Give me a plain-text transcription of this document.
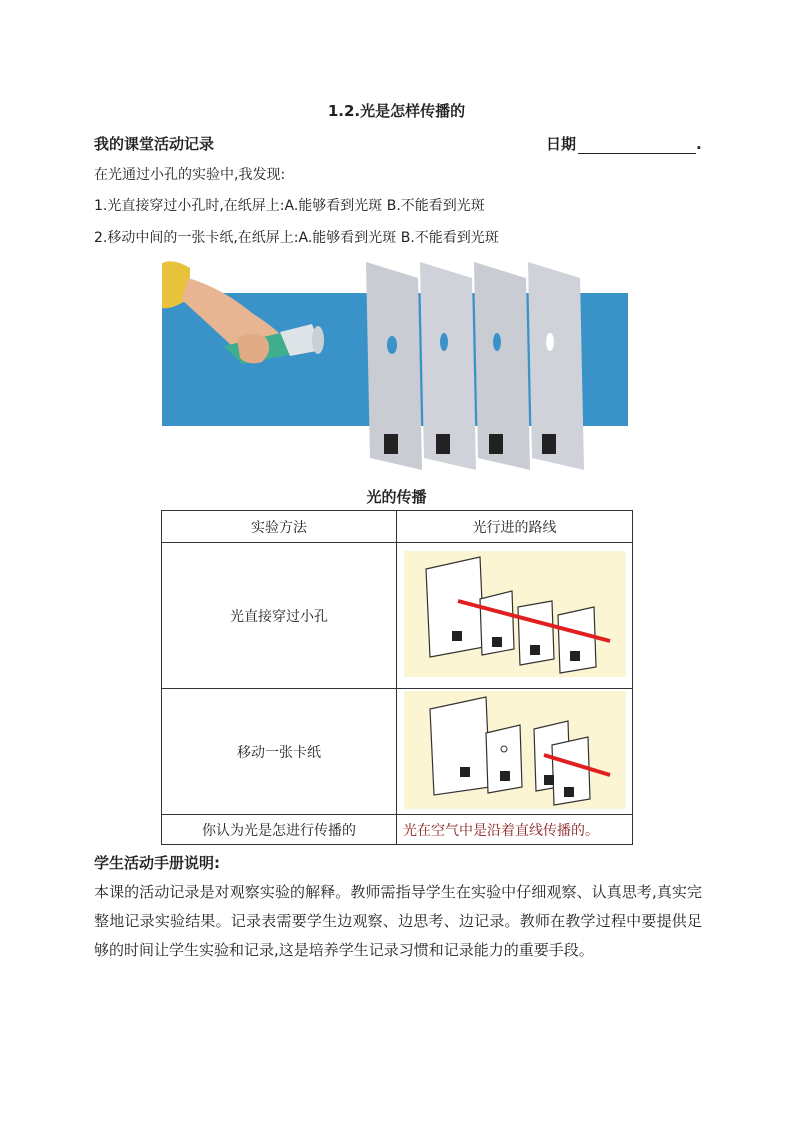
1.2.光是怎样传播的
我的课堂活动记录	日期	.
在光通过小孔的实验中,我发现:
1.光直接穿过小孔时,在纸屏上:A.能够看到光斑 B.不能看到光斑
2.移动中间的一张卡纸,在纸屏上:A.能够看到光斑 B.不能看到光斑
光的传播
实验方法	光行进的路线
光直接穿过小孔	
移动一张卡纸	
你认为光是怎进行传播的	光在空气中是沿着直线传播的。
学生活动手册说明:
本课的活动记录是对观察实验的解释。教师需指导学生在实验中仔细观察、认真思考,真实完整地记录实验结果。记录表需要学生边观察、边思考、边记录。教师在教学过程中要提供足够的时间让学生实验和记录,这是培养学生记录习惯和记录能力的重要手段。
